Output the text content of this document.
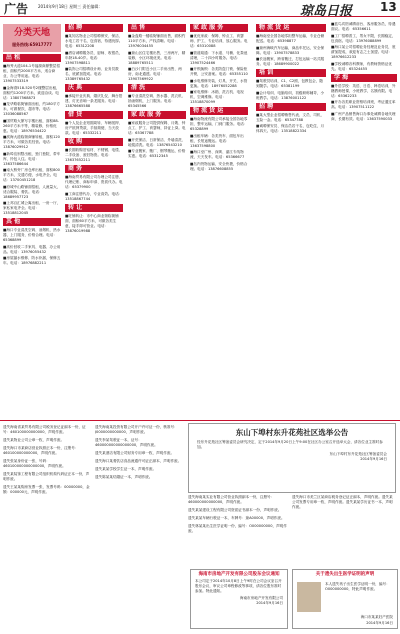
广告 2014年9月18日 星期三 责任编辑：	琼岛日报 13
分类天地
服务热线:65917777
出 租
■海秀大道104-1号福源商厦整层招租，面积约2000平方米，适合商业、办公等用途。电话：13907533319
■金海湾518-520号2楼整层出租，面积约1200平方米，欢迎洽谈。电话：13807568873
■龙华路临街铺面出租，约180平方米，可做餐饮、超市等。电话：13036088567
■国贸路大厦写字楼出租，面积88-260平方米不等，精装修，价格优惠。电话：18976534422
■滨海大道临街商铺转租，面积120平方米，可做各类经营。电话：13876029912
■新埠岛别墅出租，独门独院，带车库，拎包入住。电话：13637586644
■南大桥旁厂房仓库出租，面积800平方米，交通方便，水电齐全。电话：13700451218
■府城中山路铺面招租，人流量大，适合服装、餐饮。电话：18689957723
■上邦百汇城公寓出租，一房一厅，家私家电齐全。电话：13518812045
其 他
■海口专业清洗空调、油烟机、热水器，上门服务，价格合理。电话：65368899
■高价回收二手家具、电器、办公用品。电话：13976055432
■房屋漏水维修、防水补漏，保修五年。电话：18976882211
招 聘
■某知名物业公司招聘保安、保洁、水电工若干名，包食宿，待遇优厚。电话：65312208
■酒店诚聘服务员、厨师、收银员，年龄18-40岁。电话：13907598811
■装饰公司招聘设计师、业务员数名，底薪加提成。电话：13389765432
庆 典
■承接开业庆典、婚庆礼仪、舞台搭建、灯光音响一条龙服务。电话：13876665588
借 贷
■个人及企业短期周转、车辆抵押、房产抵押贷款，手续简便，当天放款。电话：65332211
收 购
■长期收购旧铝材、不锈钢、电缆、二手设备、废旧物资。电话：13637652211
商 务
■海南贸易有限公司办理公司注册、代理记账、商标申请、资质代办。电话：65379900
■工商注册代办，专业高效。电话：13518867744
转 让
■旺铺转让：市中心商业街临街铺面，面积60平方米，可做各类生意，接手即可营业。电话：13876019988
出 售
■金盘路一楼临街铺面出售，面积约110平方米，产权清晰。电话：13976034455
■琼山区住宅楼出售，三房两厅，精装修，小区环境优美。电话：18889765511
■白沙门附近小区二手房出售，两房，南北通透。电话：13907569922
清 洗
■专业清洗空调、热水器、洗衣机、抽油烟机，上门服务。电话：65345566
家 政 服 务
■家政服务公司提供保姆、月嫂、钟点工、护工、育婴师，持证上岗。电话：65367788
■开荒保洁、日常保洁、外墙清洗、地毯清洗。电话：13876543210
■专业搬家、搬厂、钢琴搬运，价格实惠。电话：65312345
家 政 服 务
■优优家政：保姆、钟点工、育婴师、护工，专业培训，放心服务。电话：65310088
■管道疏通：下水道、马桶、化粪池清理，二十四小时服务。电话：13907524466
■开锁换锁：各类防盗门锁、保险柜开锁，公安备案。电话：65355110
■水电维修安装，灯具、开关、水管更换。电话：18976052288
■家电维修：冰箱、洗衣机、电视机、空调维修。电话：13518870099
物 流 货 运
■海南物流有限公司承接全国各地零担、整车运输，门到门服务。电话：65328899
■出租车辆：各类货车、面包车出租，长短途搬运。电话：13637598800
■海口至广州、深圳、湛江专线物流，天天发车。电话：65366677
■岛内货物运输，安全快捷，价格合理。电话：13876608855
物 流 货 运
■海南至全国各地零担整车运输，专业仓储配送。电话：65398877
■琼州海峡汽车运输，商品车托运，安全保障。电话：13907578833
■长途搬家，跨省搬迁，打包运输一站式服务。电话：18689900022
培 训
■驾驶员培训，C1、C2照，包教包会，随到随学。电话：65381199
■会计培训、电脑培训，初级职称辅导，小班教学。电话：13876001122
招 聘
■某大型企业招聘销售代表、文员、司机，五险一金。电话：65347788
■诚聘保安员、保洁员若干名，包吃住，月休四天。电话：13518822334
■蓝鸟宾馆诚聘前台、客房服务员，待遇面议。电话：65356611
■工厂招聘普工，男女不限，长期稳定，包食宿。电话：13976088899
■海口某公司招聘业务经理及业务员，底薪加提成，欢迎有志之士加盟。电话：18976612233
■学校诚聘各科教师，有教师资格证优先。电话：65324455
学 海
■外语学校：英语、日语、韩语培训，外籍教师授课，小班教学，名额有限。电话：65362233
■开办各类职业资格培训班，考证通过率高。电话：13907511122
■广州产品销售海口办事处诚聘各地代理商，长期有效。电话：13637590033
遗失海南省某贸易有限公司税务登记证副本一份，证号：460100000000000，声明作废。
遗失某物业公司公章一枚，声明作废。
遗失海口市某商店营业执照正本一份，注册号：460100000000000，声明作废。
遗失张某身份证一张，号码：460100000000000000，声明作废。
遗失某装饰工程有限公司组织机构代码证正本一份，声明作废。
遗失王某某购房发票一张，发票号码：00000000，金额：000000元，声明作废。
遗失海南某投资有限公司开户许可证一份，核准号：J0000000000000，声明作废。
遗失李某驾驶证一本，证号：460000000000000000，声明作废。
遗失某酒店有限公司财务专用章一枚，声明作废。
遗失海口某餐饮店食品流通许可证正副本，声明作废。
遗失某某学校学生证一本，声明作废。
遗失陈某某结婚证一本，声明作废。
东山下埠村东升花苑社区选举公告
经东升花苑社区筹备委员会研究决定，定于2014年9月20日上午9:00在社区办公室召开选举大会，请各位业主准时参加。
东山下埠村东升花苑社区筹备委员会
2014年9月16日
遗失海南某实业有限公司营业执照副本一份，注册号：460000000000000，声明作废。
遗失某某建设工程有限公司资质证书副本一份，声明作废。
遗失某某车辆行驶证一本，车牌号：琼A00000，声明作废。
遗失林某某出生医学证明一份，编号：O000000000，声明作废。
遗失海口市美兰区某商店税务登记证正副本，声明作废。遗失某公司发票专用章一枚，声明作废。遗失某某学历证书一本，声明作废。
海南市房地产开发有限公司股东会议通知
本公司定于2014年10月8日上午9时在公司会议室召开股东会议，审议公司章程修改等事项，请各位股东准时参加。特此通知。
海南市房地产开发有限公司
2014年9月16日
关于遗失出生医学证明的声明
本人遗失孩子出生医学证明一份，编号：O000000000，特此声明作废。
海口市某某妇产医院
2014年9月16日
